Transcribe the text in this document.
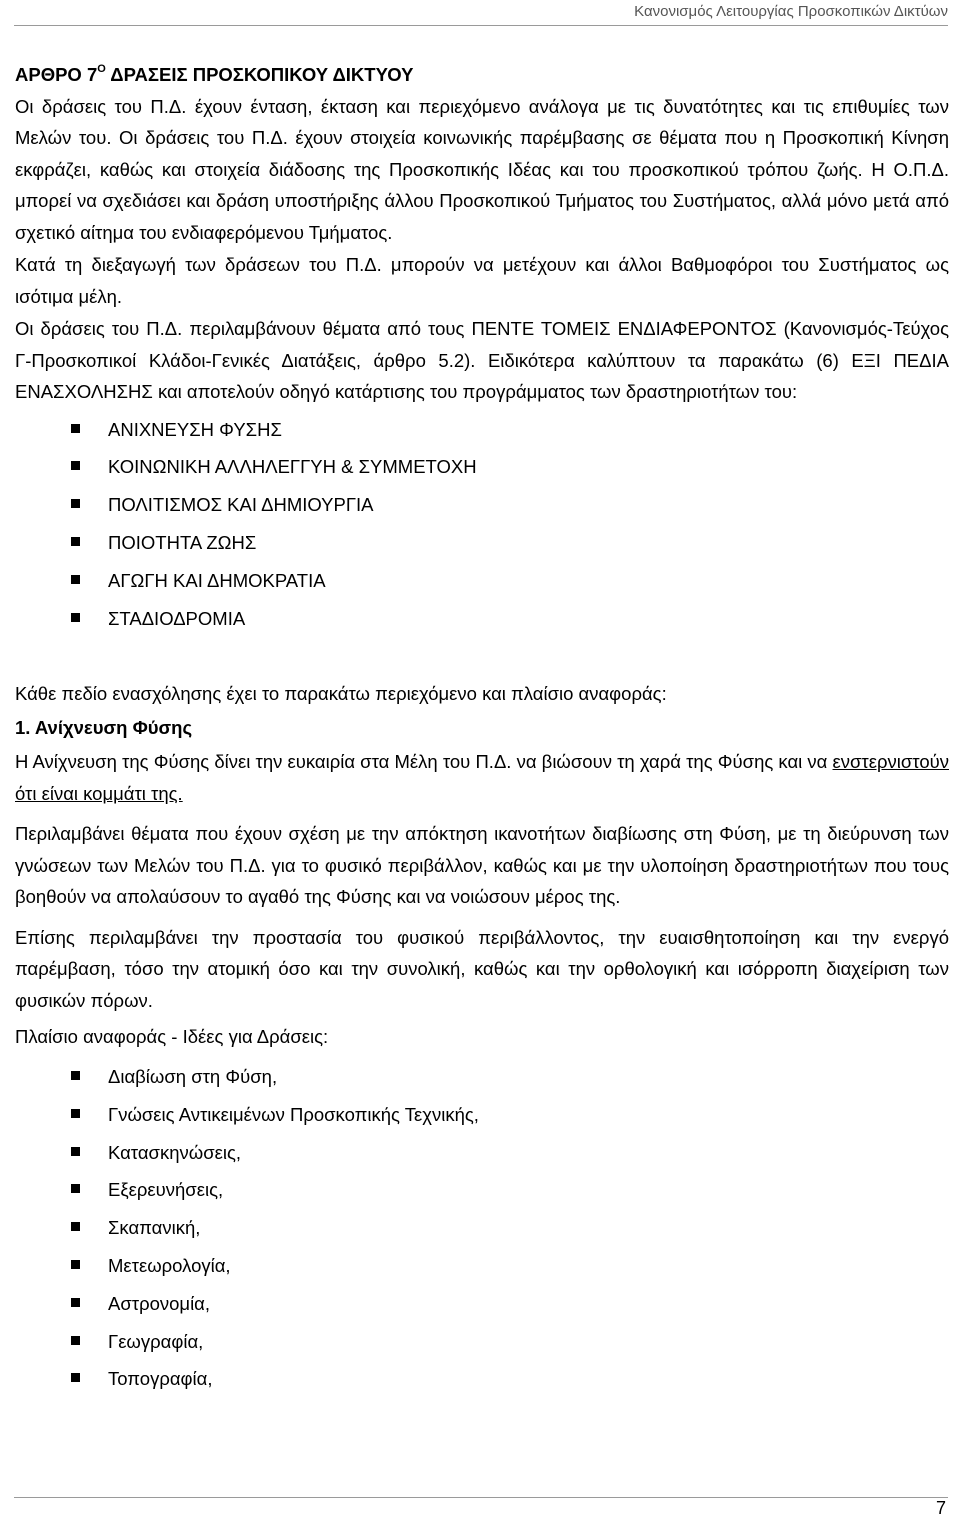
Κανονισμός Λειτουργίας Προσκοπικών Δικτύων

ΑΡΘΡΟ $7^O$ ΔΡΑΣΕΙΣ ΠΡΟΣΚΟΠΙΚΟΥ ΔΙΚΤΥΟΥ

Οι δράσεις του Π.Δ. έχουν ένταση, έκταση και περιεχόμενο ανάλογα με τις δυνατότητες και τις επιθυμίες των Μελών του. Οι δράσεις του Π.Δ. έχουν στοιχεία κοινωνικής παρέμβασης σε θέματα που η Προσκοπική Κίνηση εκφράζει, καθώς και στοιχεία διάδοσης της Προσκοπικής Ιδέας και του προσκοπικού τρόπου ζωής. Η Ο.Π.Δ. μπορεί να σχεδιάσει και δράση υποστήριξης άλλου Προσκοπικού Τμήματος του Συστήματος, αλλά μόνο μετά από σχετικό αίτημα του ενδιαφερόμενου Τμήματος.

Κατά τη διεξαγωγή των δράσεων του Π.Δ. μπορούν να μετέχουν και άλλοι Βαθμοφόροι του Συστήματος ως ισότιμα μέλη.

Οι δράσεις του Π.Δ. περιλαμβάνουν θέματα από τους ΠΕΝΤΕ ΤΟΜΕΙΣ ΕΝΔΙΑΦΕΡΟΝΤΟΣ (Κανονισμός-Τεύχος Γ-Προσκοπικοί Κλάδοι-Γενικές Διατάξεις, άρθρο 5.2). Ειδικότερα καλύπτουν τα παρακάτω (6) ΕΞΙ ΠΕΔΙΑ ΕΝΑΣΧΟΛΗΣΗΣ και αποτελούν οδηγό κατάρτισης του προγράμματος των δραστηριοτήτων του:

ΑΝΙΧΝΕΥΣΗ ΦΥΣΗΣ
ΚΟΙΝΩΝΙΚΗ ΑΛΛΗΛΕΓΓΥΗ & ΣΥΜΜΕΤΟΧΗ
ΠΟΛΙΤΙΣΜΟΣ ΚΑΙ ΔΗΜΙΟΥΡΓΙΑ
ΠΟΙΟΤΗΤΑ ΖΩΗΣ
ΑΓΩΓΗ ΚΑΙ ΔΗΜΟΚΡΑΤΙΑ
ΣΤΑΔΙΟΔΡΟΜΙΑ

Κάθε πεδίο ενασχόλησης έχει το παρακάτω περιεχόμενο και πλαίσιο αναφοράς:

1. Ανίχνευση Φύσης

Η Ανίχνευση της Φύσης δίνει την ευκαιρία στα Μέλη του Π.Δ. να βιώσουν τη χαρά της Φύσης και να ενστερνιστούν ότι είναι κομμάτι της.

Περιλαμβάνει θέματα που έχουν σχέση με την απόκτηση ικανοτήτων διαβίωσης στη Φύση, με τη διεύρυνση των γνώσεων των Μελών του Π.Δ. για το φυσικό περιβάλλον, καθώς και με την υλοποίηση δραστηριοτήτων που τους βοηθούν να απολαύσουν το αγαθό της Φύσης και να νοιώσουν μέρος της.

Επίσης περιλαμβάνει την προστασία του φυσικού περιβάλλοντος, την ευαισθητοποίηση και την ενεργό παρέμβαση, τόσο την ατομική όσο και την συνολική, καθώς και την ορθολογική και ισόρροπη διαχείριση των φυσικών πόρων.

Πλαίσιο αναφοράς - Ιδέες για Δράσεις:

Διαβίωση στη Φύση,
Γνώσεις Αντικειμένων Προσκοπικής Τεχνικής,
Κατασκηνώσεις,
Εξερευνήσεις,
Σκαπανική,
Μετεωρολογία,
Αστρονομία,
Γεωγραφία,
Τοπογραφία,
7
